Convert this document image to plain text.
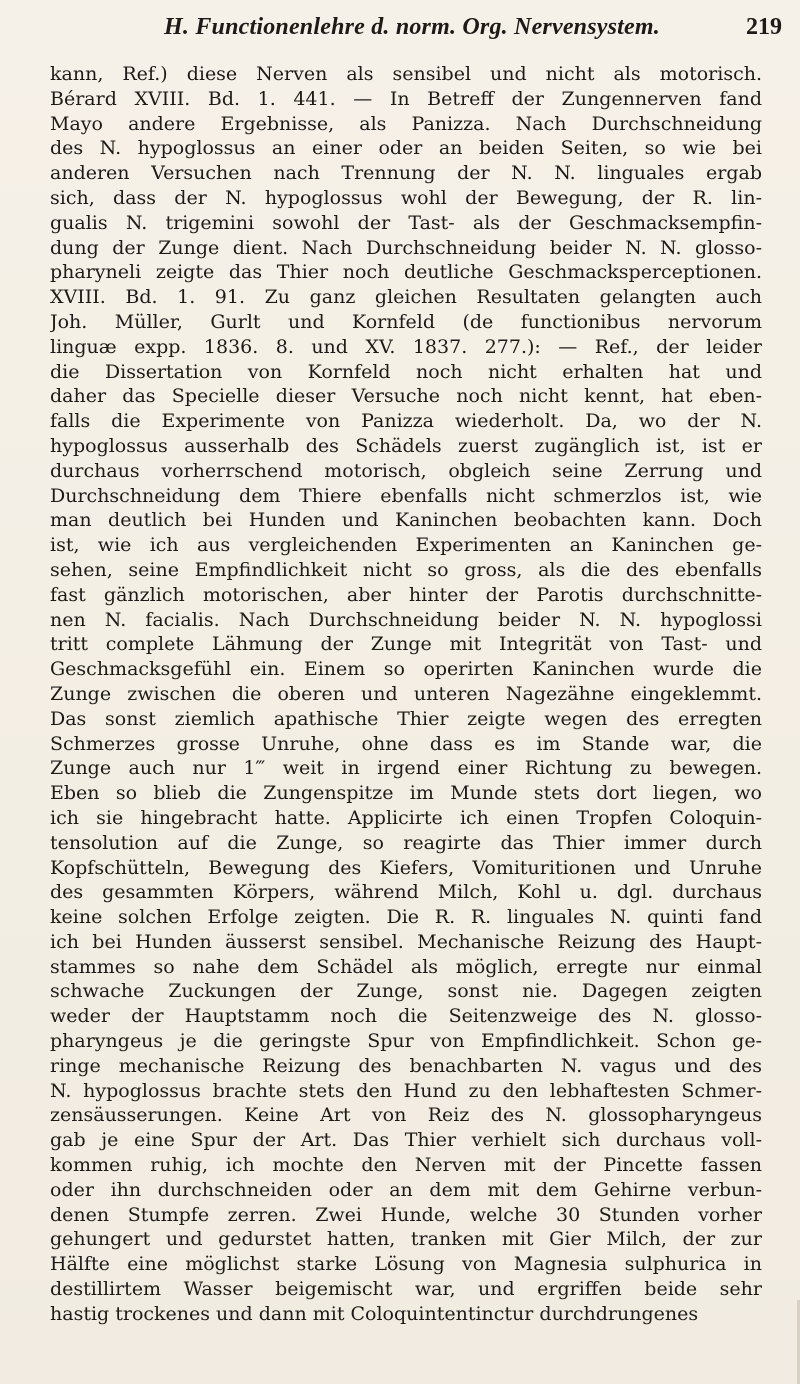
H. Functionenlehre d. norm. Org. Nervensystem.	219
kann, Ref.) diese Nerven als sensibel und nicht als motorisch.
Bérard XVIII. Bd. 1. 441. — In Betreff der Zungennerven fand
Mayo andere Ergebnisse, als Panizza. Nach Durchschneidung
des N. hypoglossus an einer oder an beiden Seiten, so wie bei
anderen Versuchen nach Trennung der N. N. linguales ergab
sich, dass der N. hypoglossus wohl der Bewegung, der R. lin-
gualis N. trigemini sowohl der Tast- als der Geschmacksempfin-
dung der Zunge dient. Nach Durchschneidung beider N. N. glosso-
pharyneli zeigte das Thier noch deutliche Geschmacksperceptionen.
XVIII. Bd. 1. 91. Zu ganz gleichen Resultaten gelangten auch
Joh. Müller, Gurlt und Kornfeld (de functionibus nervorum
linguæ expp. 1836. 8. und XV. 1837. 277.): — Ref., der leider
die Dissertation von Kornfeld noch nicht erhalten hat und
daher das Specielle dieser Versuche noch nicht kennt, hat eben-
falls die Experimente von Panizza wiederholt. Da, wo der N.
hypoglossus ausserhalb des Schädels zuerst zugänglich ist, ist er
durchaus vorherrschend motorisch, obgleich seine Zerrung und
Durchschneidung dem Thiere ebenfalls nicht schmerzlos ist, wie
man deutlich bei Hunden und Kaninchen beobachten kann. Doch
ist, wie ich aus vergleichenden Experimenten an Kaninchen ge-
sehen, seine Empfindlichkeit nicht so gross, als die des ebenfalls
fast gänzlich motorischen, aber hinter der Parotis durchschnitte-
nen N. facialis. Nach Durchschneidung beider N. N. hypoglossi
tritt complete Lähmung der Zunge mit Integrität von Tast- und
Geschmacksgefühl ein. Einem so operirten Kaninchen wurde die
Zunge zwischen die oberen und unteren Nagezähne eingeklemmt.
Das sonst ziemlich apathische Thier zeigte wegen des erregten
Schmerzes grosse Unruhe, ohne dass es im Stande war, die
Zunge auch nur 1‴ weit in irgend einer Richtung zu bewegen.
Eben so blieb die Zungenspitze im Munde stets dort liegen, wo
ich sie hingebracht hatte. Applicirte ich einen Tropfen Coloquin-
tensolution auf die Zunge, so reagirte das Thier immer durch
Kopfschütteln, Bewegung des Kiefers, Vomituritionen und Unruhe
des gesammten Körpers, während Milch, Kohl u. dgl. durchaus
keine solchen Erfolge zeigten. Die R. R. linguales N. quinti fand
ich bei Hunden äusserst sensibel. Mechanische Reizung des Haupt-
stammes so nahe dem Schädel als möglich, erregte nur einmal
schwache Zuckungen der Zunge, sonst nie. Dagegen zeigten
weder der Hauptstamm noch die Seitenzweige des N. glosso-
pharyngeus je die geringste Spur von Empfindlichkeit. Schon ge-
ringe mechanische Reizung des benachbarten N. vagus und des
N. hypoglossus brachte stets den Hund zu den lebhaftesten Schmer-
zensäusserungen. Keine Art von Reiz des N. glossopharyngeus
gab je eine Spur der Art. Das Thier verhielt sich durchaus voll-
kommen ruhig, ich mochte den Nerven mit der Pincette fassen
oder ihn durchschneiden oder an dem mit dem Gehirne verbun-
denen Stumpfe zerren. Zwei Hunde, welche 30 Stunden vorher
gehungert und gedurstet hatten, tranken mit Gier Milch, der zur
Hälfte eine möglichst starke Lösung von Magnesia sulphurica in
destillirtem Wasser beigemischt war, und ergriffen beide sehr
hastig trockenes und dann mit Coloquintentinctur durchdrungenes
